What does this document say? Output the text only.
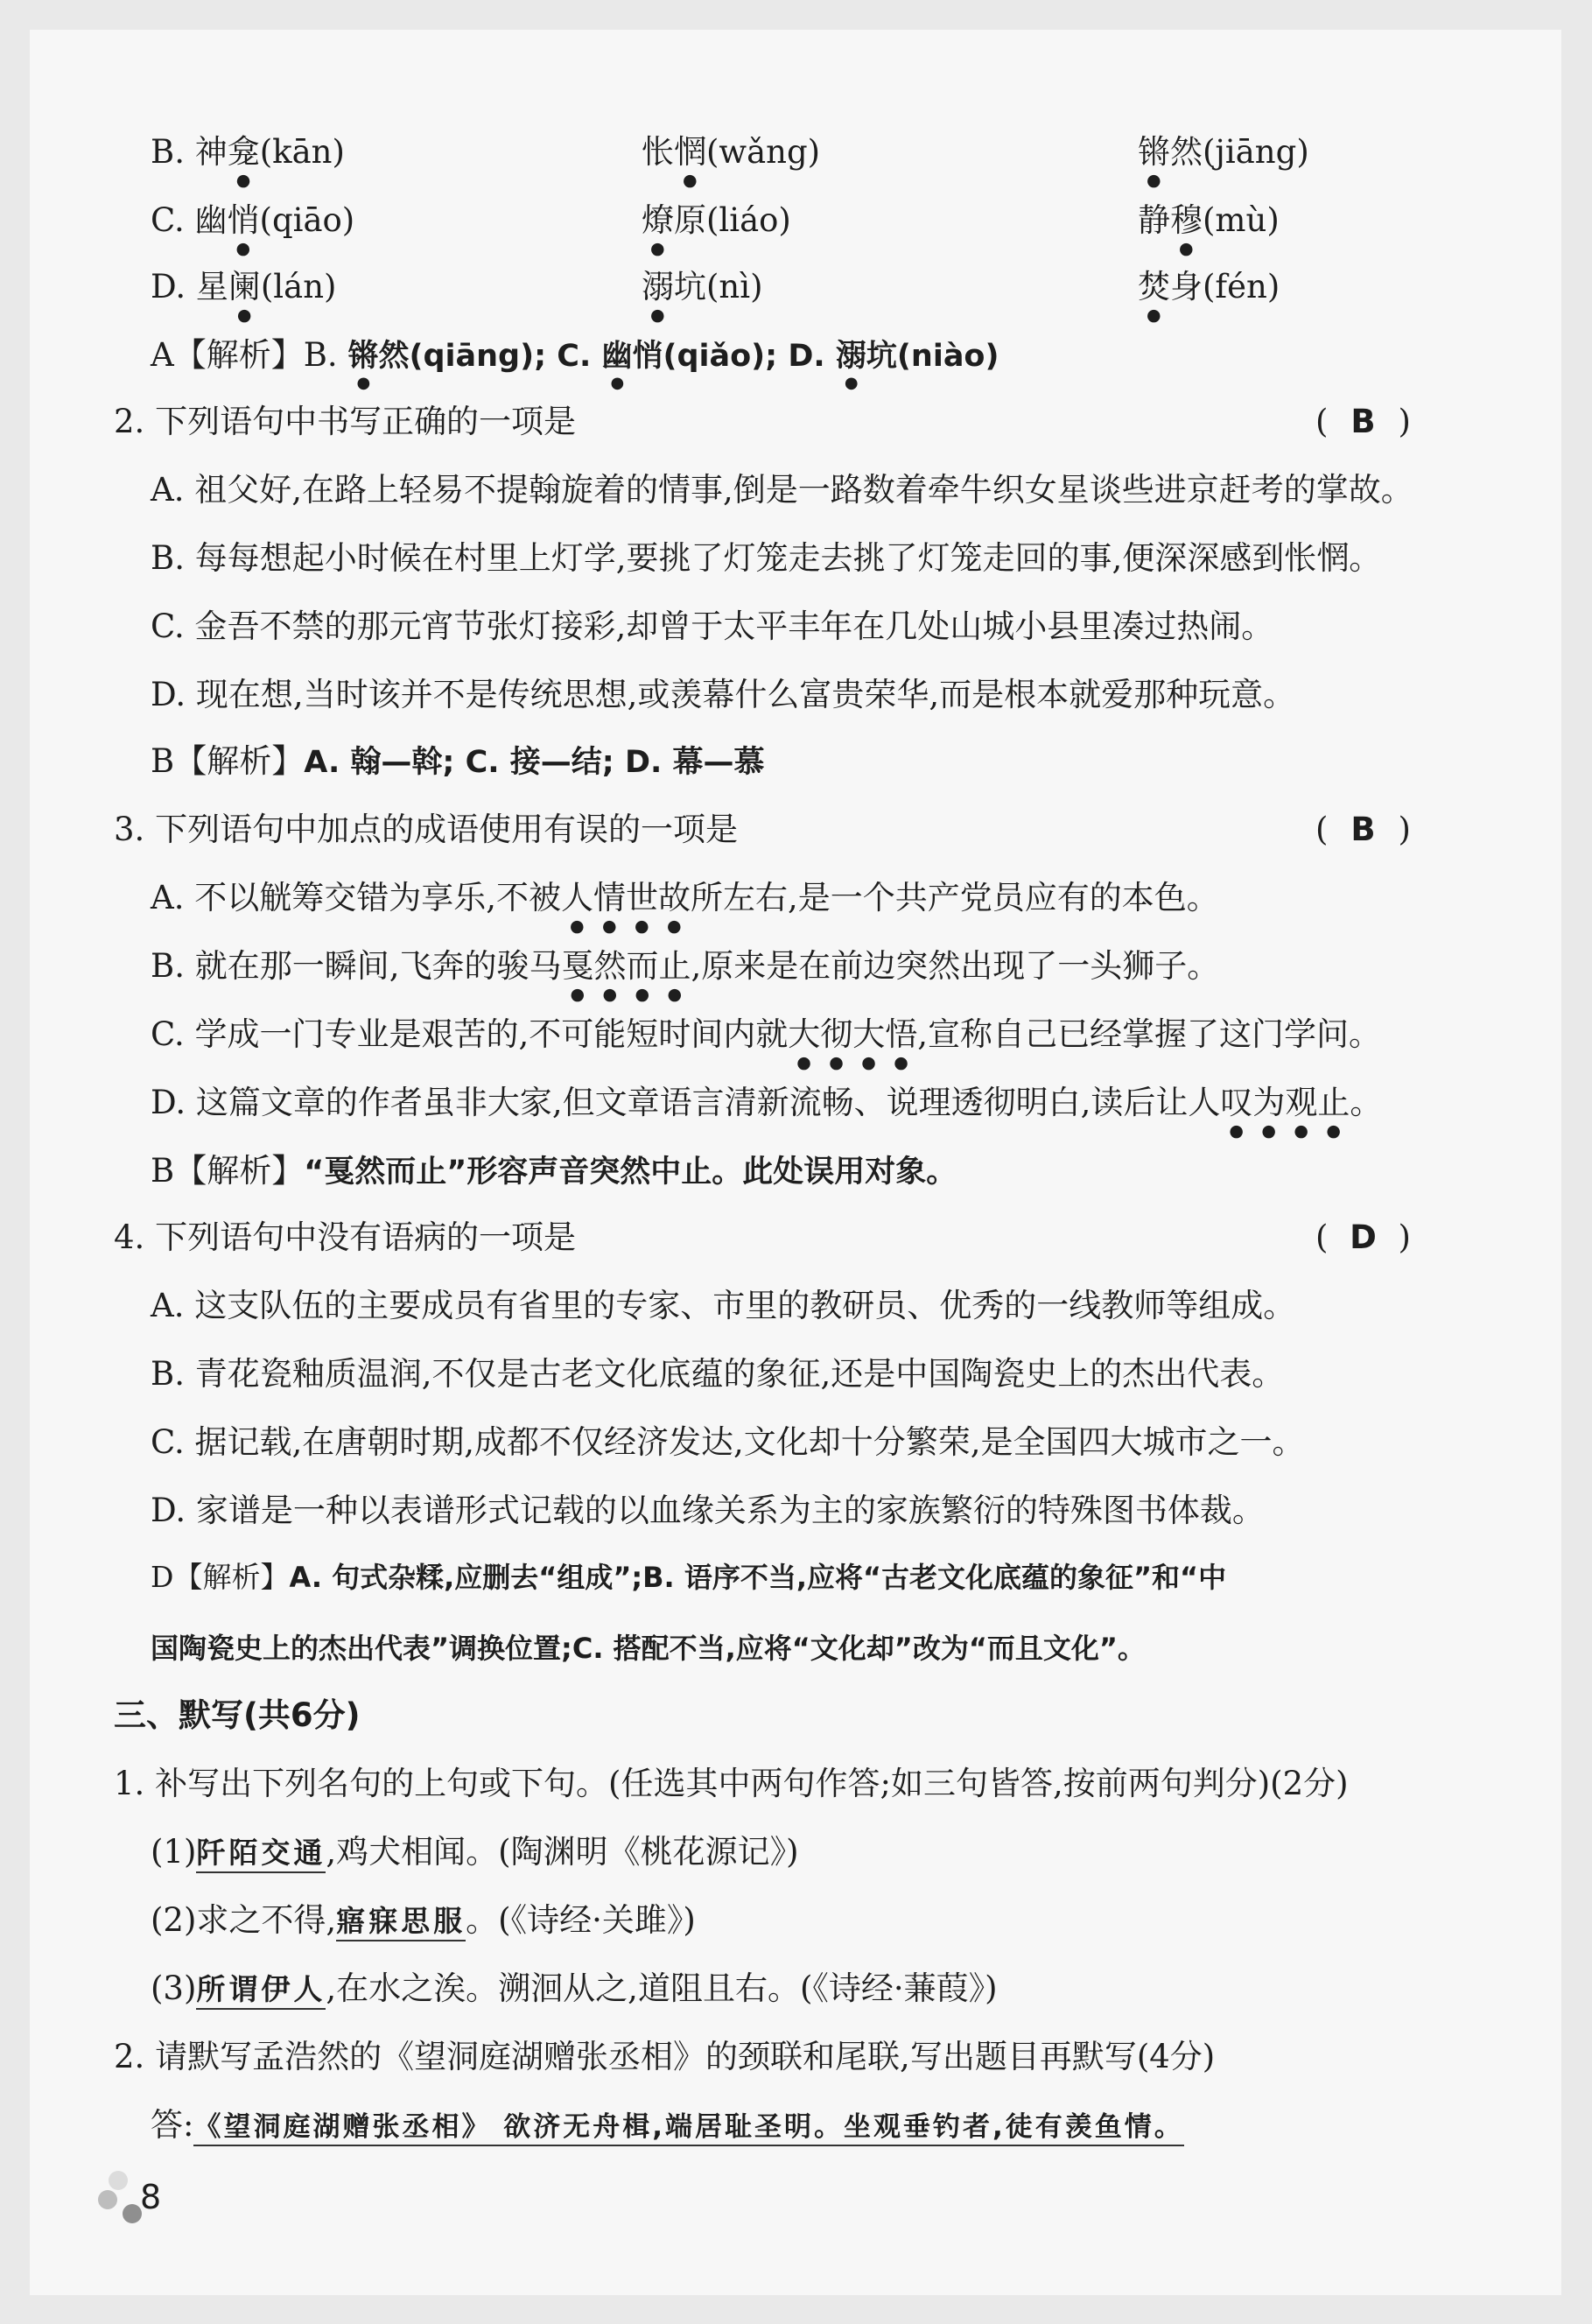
B. 神龛(kān)	怅惘(wǎng)	锵然(jiāng)
C. 幽悄(qiāo)	燎原(liáo)	静穆(mù)
D. 星阑(lán)	溺坑(nì)	焚身(fén)
A【解析】B. 锵然(qiāng); C. 幽悄(qiǎo); D. 溺坑(niào)
2. 下列语句中书写正确的一项是	( B )
A. 祖父好,在路上轻易不提翰旋着的情事,倒是一路数着牵牛织女星谈些进京赶考的掌故。
B. 每每想起小时候在村里上灯学,要挑了灯笼走去挑了灯笼走回的事,便深深感到怅惘。
C. 金吾不禁的那元宵节张灯接彩,却曾于太平丰年在几处山城小县里凑过热闹。
D. 现在想,当时该并不是传统思想,或羡幕什么富贵荣华,而是根本就爱那种玩意。
B【解析】A. 翰—斡; C. 接—结; D. 幕—慕
3. 下列语句中加点的成语使用有误的一项是	( B )
A. 不以觥筹交错为享乐,不被人情世故所左右,是一个共产党员应有的本色。
B. 就在那一瞬间,飞奔的骏马戛然而止,原来是在前边突然出现了一头狮子。
C. 学成一门专业是艰苦的,不可能短时间内就大彻大悟,宣称自己已经掌握了这门学问。
D. 这篇文章的作者虽非大家,但文章语言清新流畅、说理透彻明白,读后让人叹为观止。
B【解析】“戛然而止”形容声音突然中止。此处误用对象。
4. 下列语句中没有语病的一项是	( D )
A. 这支队伍的主要成员有省里的专家、市里的教研员、优秀的一线教师等组成。
B. 青花瓷釉质温润,不仅是古老文化底蕴的象征,还是中国陶瓷史上的杰出代表。
C. 据记载,在唐朝时期,成都不仅经济发达,文化却十分繁荣,是全国四大城市之一。
D. 家谱是一种以表谱形式记载的以血缘关系为主的家族繁衍的特殊图书体裁。
D【解析】A. 句式杂糅,应删去“组成”;B. 语序不当,应将“古老文化底蕴的象征”和“中
国陶瓷史上的杰出代表”调换位置;C. 搭配不当,应将“文化却”改为“而且文化”。
三、默写(共6分)
1. 补写出下列名句的上句或下句。(任选其中两句作答;如三句皆答,按前两句判分)(2分)
(1)阡陌交通,鸡犬相闻。(陶渊明《桃花源记》)
(2)求之不得,寤寐思服。(《诗经·关雎》)
(3)所谓伊人,在水之涘。溯洄从之,道阻且右。(《诗经·蒹葭》)
2. 请默写孟浩然的《望洞庭湖赠张丞相》的颈联和尾联,写出题目再默写(4分)
答:《望洞庭湖赠张丞相》 欲济无舟楫,端居耻圣明。坐观垂钓者,徒有羡鱼情。
8
